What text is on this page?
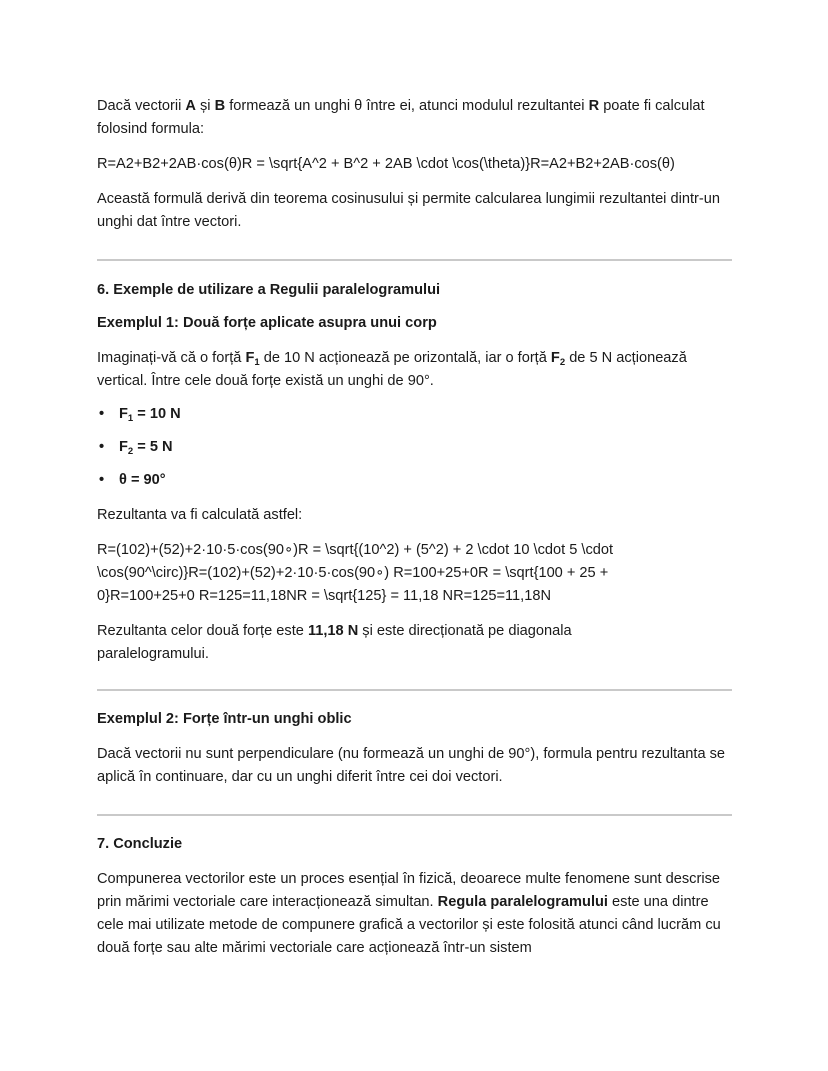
Dacă vectorii A și B formează un unghi θ între ei, atunci modulul rezultantei R poate fi calculat folosind formula:

R=A2+B2+2AB·cos⁡(θ)R = \sqrt{A^2 + B^2 + 2AB \cdot \cos(\theta)}R=A2+B2+2AB·cos(θ)

Această formulă derivă din teorema cosinusului și permite calcularea lungimii rezultantei dintr-un unghi dat între vectori.

6. Exemple de utilizare a Regulii paralelogramului

Exemplul 1: Două forțe aplicate asupra unui corp

Imaginați-vă că o forță $F_1$ de 10 N acționează pe orizontală, iar o forță $F_2$ de 5 N acționează vertical. Între cele două forțe există un unghi de 90°.

• $F_1 = 10$ N
• $F_2 = 5$ N
• θ = 90°

Rezultanta va fi calculată astfel:

R=(102)+(52)+2·10·5·cos⁡(90∘)R = \sqrt{(10^2) + (5^2) + 2 \cdot 10 \cdot 5 \cdot

\cos(90^\circ)}R=(102)+(52)+2·10·5·cos(90∘) R=100+25+0R = \sqrt{100 + 25 +

0}R=100+25+0 R=125=11,18NR = \sqrt{125} = 11,18 NR=125=11,18N

Rezultanta celor două forțe este 11,18 N și este direcționată pe diagonala paralelogramului.

Exemplul 2: Forțe într-un unghi oblic

Dacă vectorii nu sunt perpendiculare (nu formează un unghi de 90°), formula pentru rezultanta se aplică în continuare, dar cu un unghi diferit între cei doi vectori.

7. Concluzie

Compunerea vectorilor este un proces esențial în fizică, deoarece multe fenomene sunt descrise prin mărimi vectoriale care interacționează simultan. Regula paralelogramului este una dintre cele mai utilizate metode de compunere grafică a vectorilor și este folosită atunci când lucrăm cu două forțe sau alte mărimi vectoriale care acționează într-un sistem
